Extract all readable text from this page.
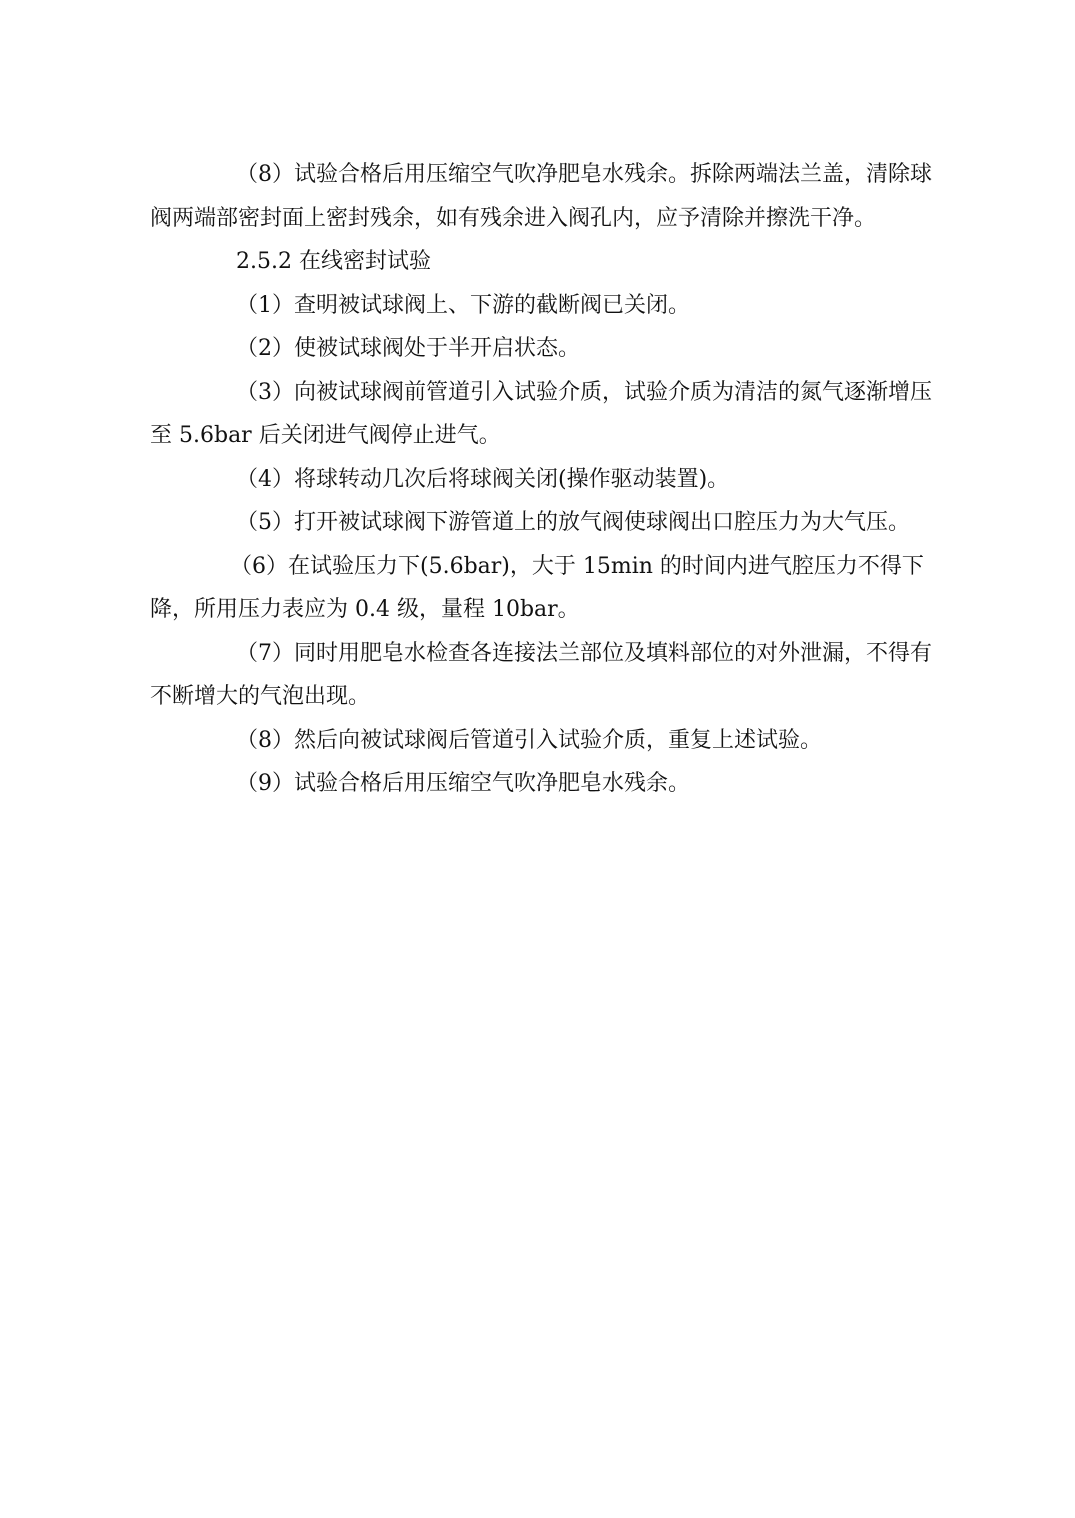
（8）试验合格后用压缩空气吹净肥皂水残余。拆除两端法兰盖，清除球阀两端部密封面上密封残余，如有残余进入阀孔内，应予清除并擦洗干净。

2.5.2 在线密封试验

（1）查明被试球阀上、下游的截断阀已关闭。

（2）使被试球阀处于半开启状态。

（3）向被试球阀前管道引入试验介质，试验介质为清洁的氮气逐渐增压至 5.6bar 后关闭进气阀停止进气。

（4）将球转动几次后将球阀关闭(操作驱动装置)。

（5）打开被试球阀下游管道上的放气阀使球阀出口腔压力为大气压。

（6）在试验压力下(5.6bar)，大于 15min 的时间内进气腔压力不得下降，所用压力表应为 0.4 级，量程 10bar。

（7）同时用肥皂水检查各连接法兰部位及填料部位的对外泄漏，不得有不断增大的气泡出现。

（8）然后向被试球阀后管道引入试验介质，重复上述试验。

（9）试验合格后用压缩空气吹净肥皂水残余。
